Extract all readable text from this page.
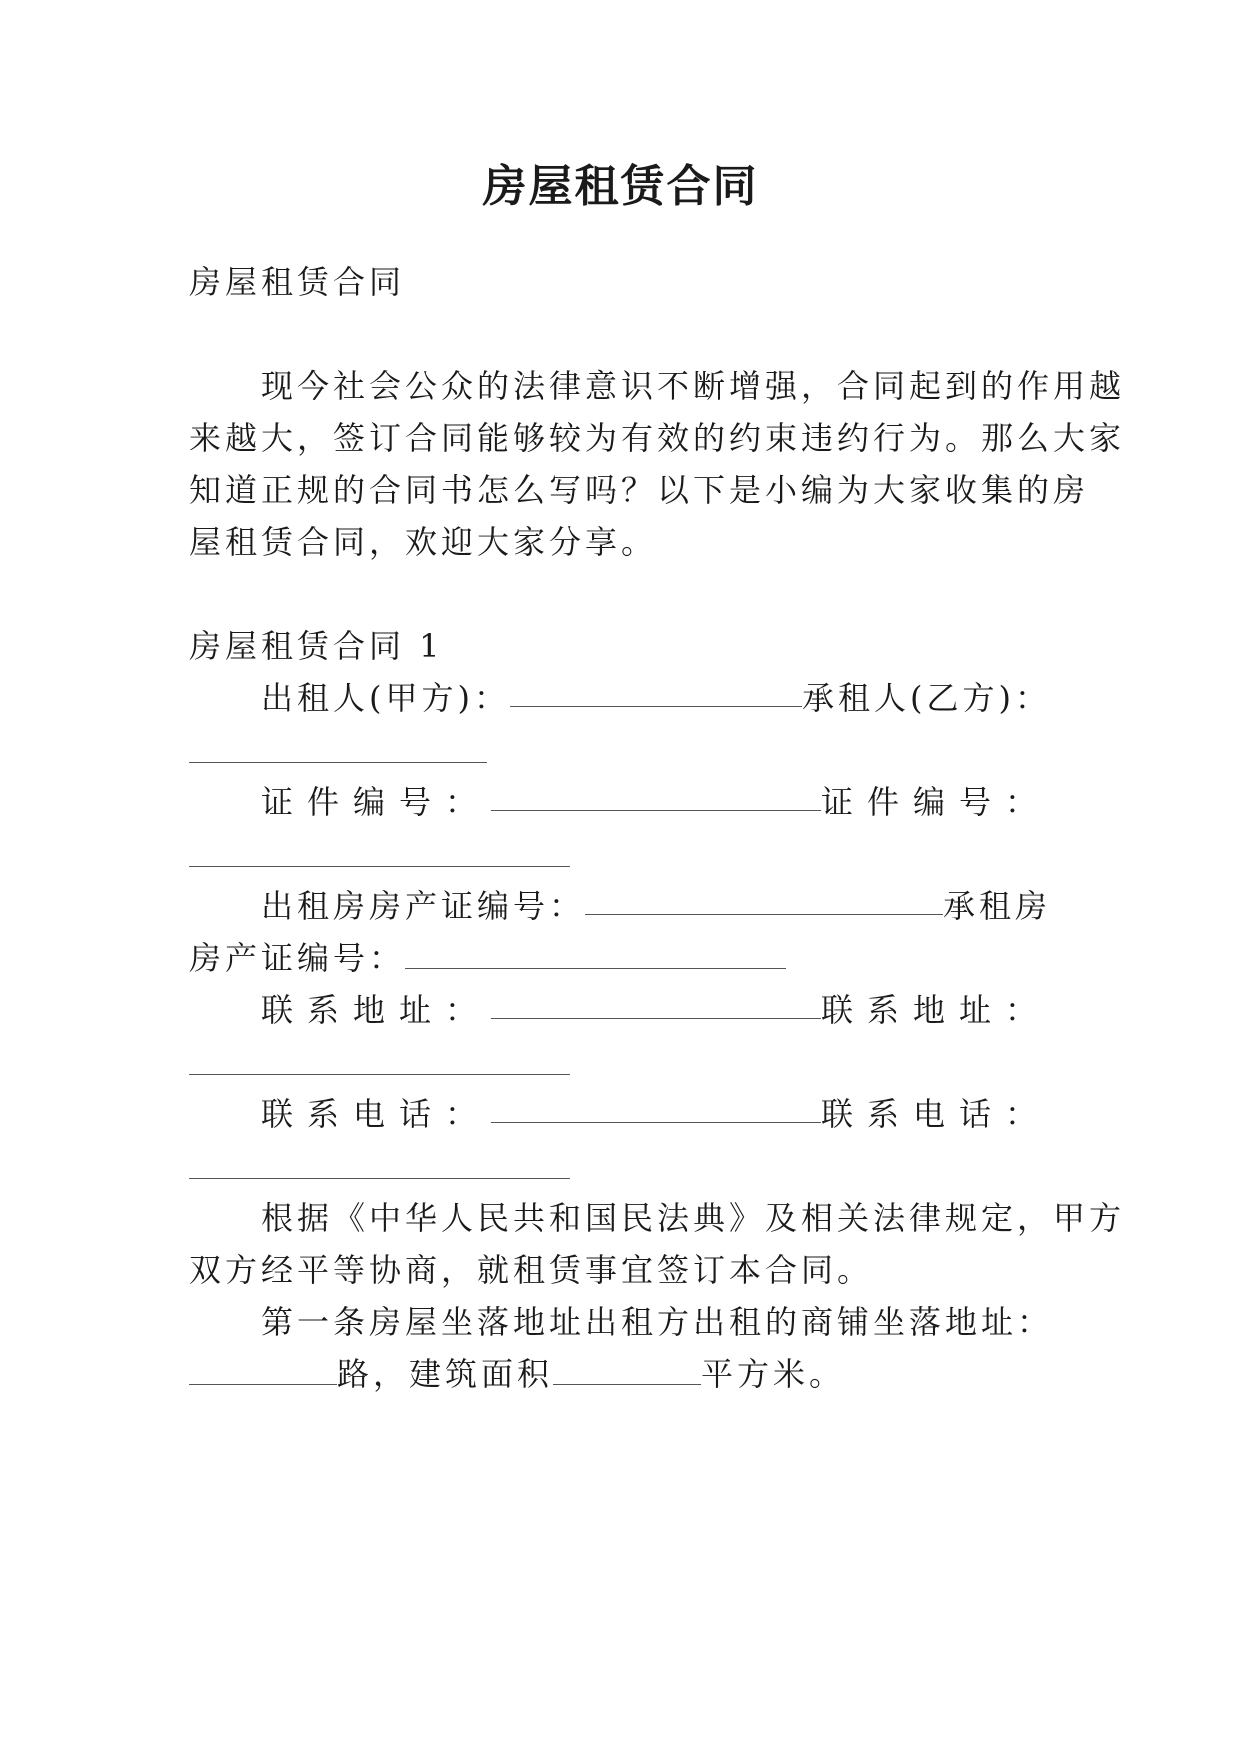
房屋租赁合同
房屋租赁合同
现今社会公众的法律意识不断增强，合同起到的作用越
来越大，签订合同能够较为有效的约束违约行为。那么大家
知道正规的合同书怎么写吗？以下是小编为大家收集的房
屋租赁合同，欢迎大家分享。
房屋租赁合同 1
出租人(甲方)：	承租人(乙方)：
证件编号：	证件编号：
出租房房产证编号：	承租房
房产证编号：
联系地址：	联系地址：
联系电话：	联系电话：
根据《中华人民共和国民法典》及相关法律规定，甲方
双方经平等协商，就租赁事宜签订本合同。
第一条房屋坐落地址出租方出租的商铺坐落地址：
路，建筑面积	平方米。
